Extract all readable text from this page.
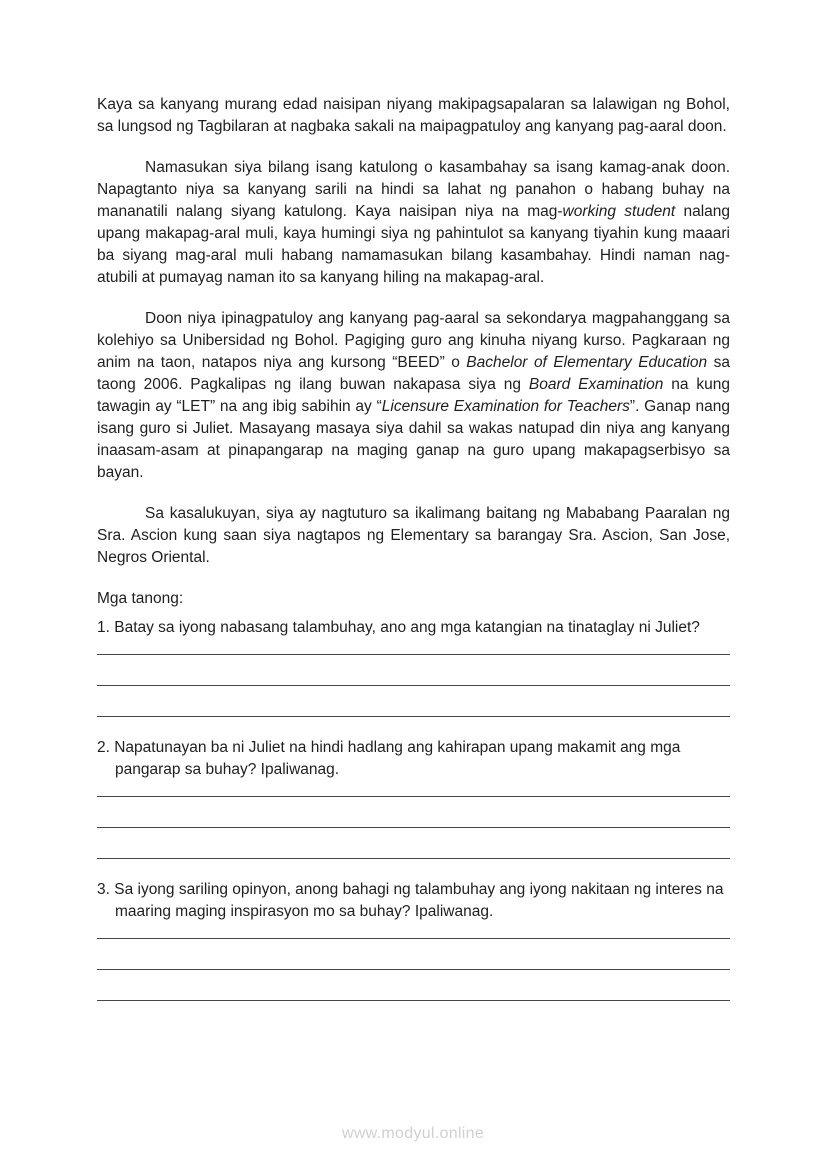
Kaya sa kanyang murang edad naisipan niyang makipagsapalaran sa lalawigan ng Bohol, sa lungsod ng Tagbilaran at nagbaka sakali na maipagpatuloy ang kanyang pag-aaral doon.

Namasukan siya bilang isang katulong o kasambahay sa isang kamag-anak doon. Napagtanto niya sa kanyang sarili na hindi sa lahat ng panahon o habang buhay na mananatili nalang siyang katulong. Kaya naisipan niya na mag-working student nalang upang makapag-aral muli, kaya humingi siya ng pahintulot sa kanyang tiyahin kung maaari ba siyang mag-aral muli habang namamasukan bilang kasambahay. Hindi naman nag-atubili at pumayag naman ito sa kanyang hiling na makapag-aral.

Doon niya ipinagpatuloy ang kanyang pag-aaral sa sekondarya magpahanggang sa kolehiyo sa Unibersidad ng Bohol. Pagiging guro ang kinuha niyang kurso. Pagkaraan ng anim na taon, natapos niya ang kursong “BEED” o Bachelor of Elementary Education sa taong 2006. Pagkalipas ng ilang buwan nakapasa siya ng Board Examination na kung tawagin ay “LET” na ang ibig sabihin ay “Licensure Examination for Teachers”. Ganap nang isang guro si Juliet. Masayang masaya siya dahil sa wakas natupad din niya ang kanyang inaasam-asam at pinapangarap na maging ganap na guro upang makapagserbisyo sa bayan.

Sa kasalukuyan, siya ay nagtuturo sa ikalimang baitang ng Mababang Paaralan ng Sra. Ascion kung saan siya nagtapos ng Elementary sa barangay Sra. Ascion, San Jose, Negros Oriental.

Mga tanong:

1. Batay sa iyong nabasang talambuhay, ano ang mga katangian na tinataglay ni Juliet?

2. Napatunayan ba ni Juliet na hindi hadlang ang kahirapan upang makamit ang mga pangarap sa buhay? Ipaliwanag.

3. Sa iyong sariling opinyon, anong bahagi ng talambuhay ang iyong nakitaan ng interes na maaring maging inspirasyon mo sa buhay? Ipaliwanag.

www.modyul.online
